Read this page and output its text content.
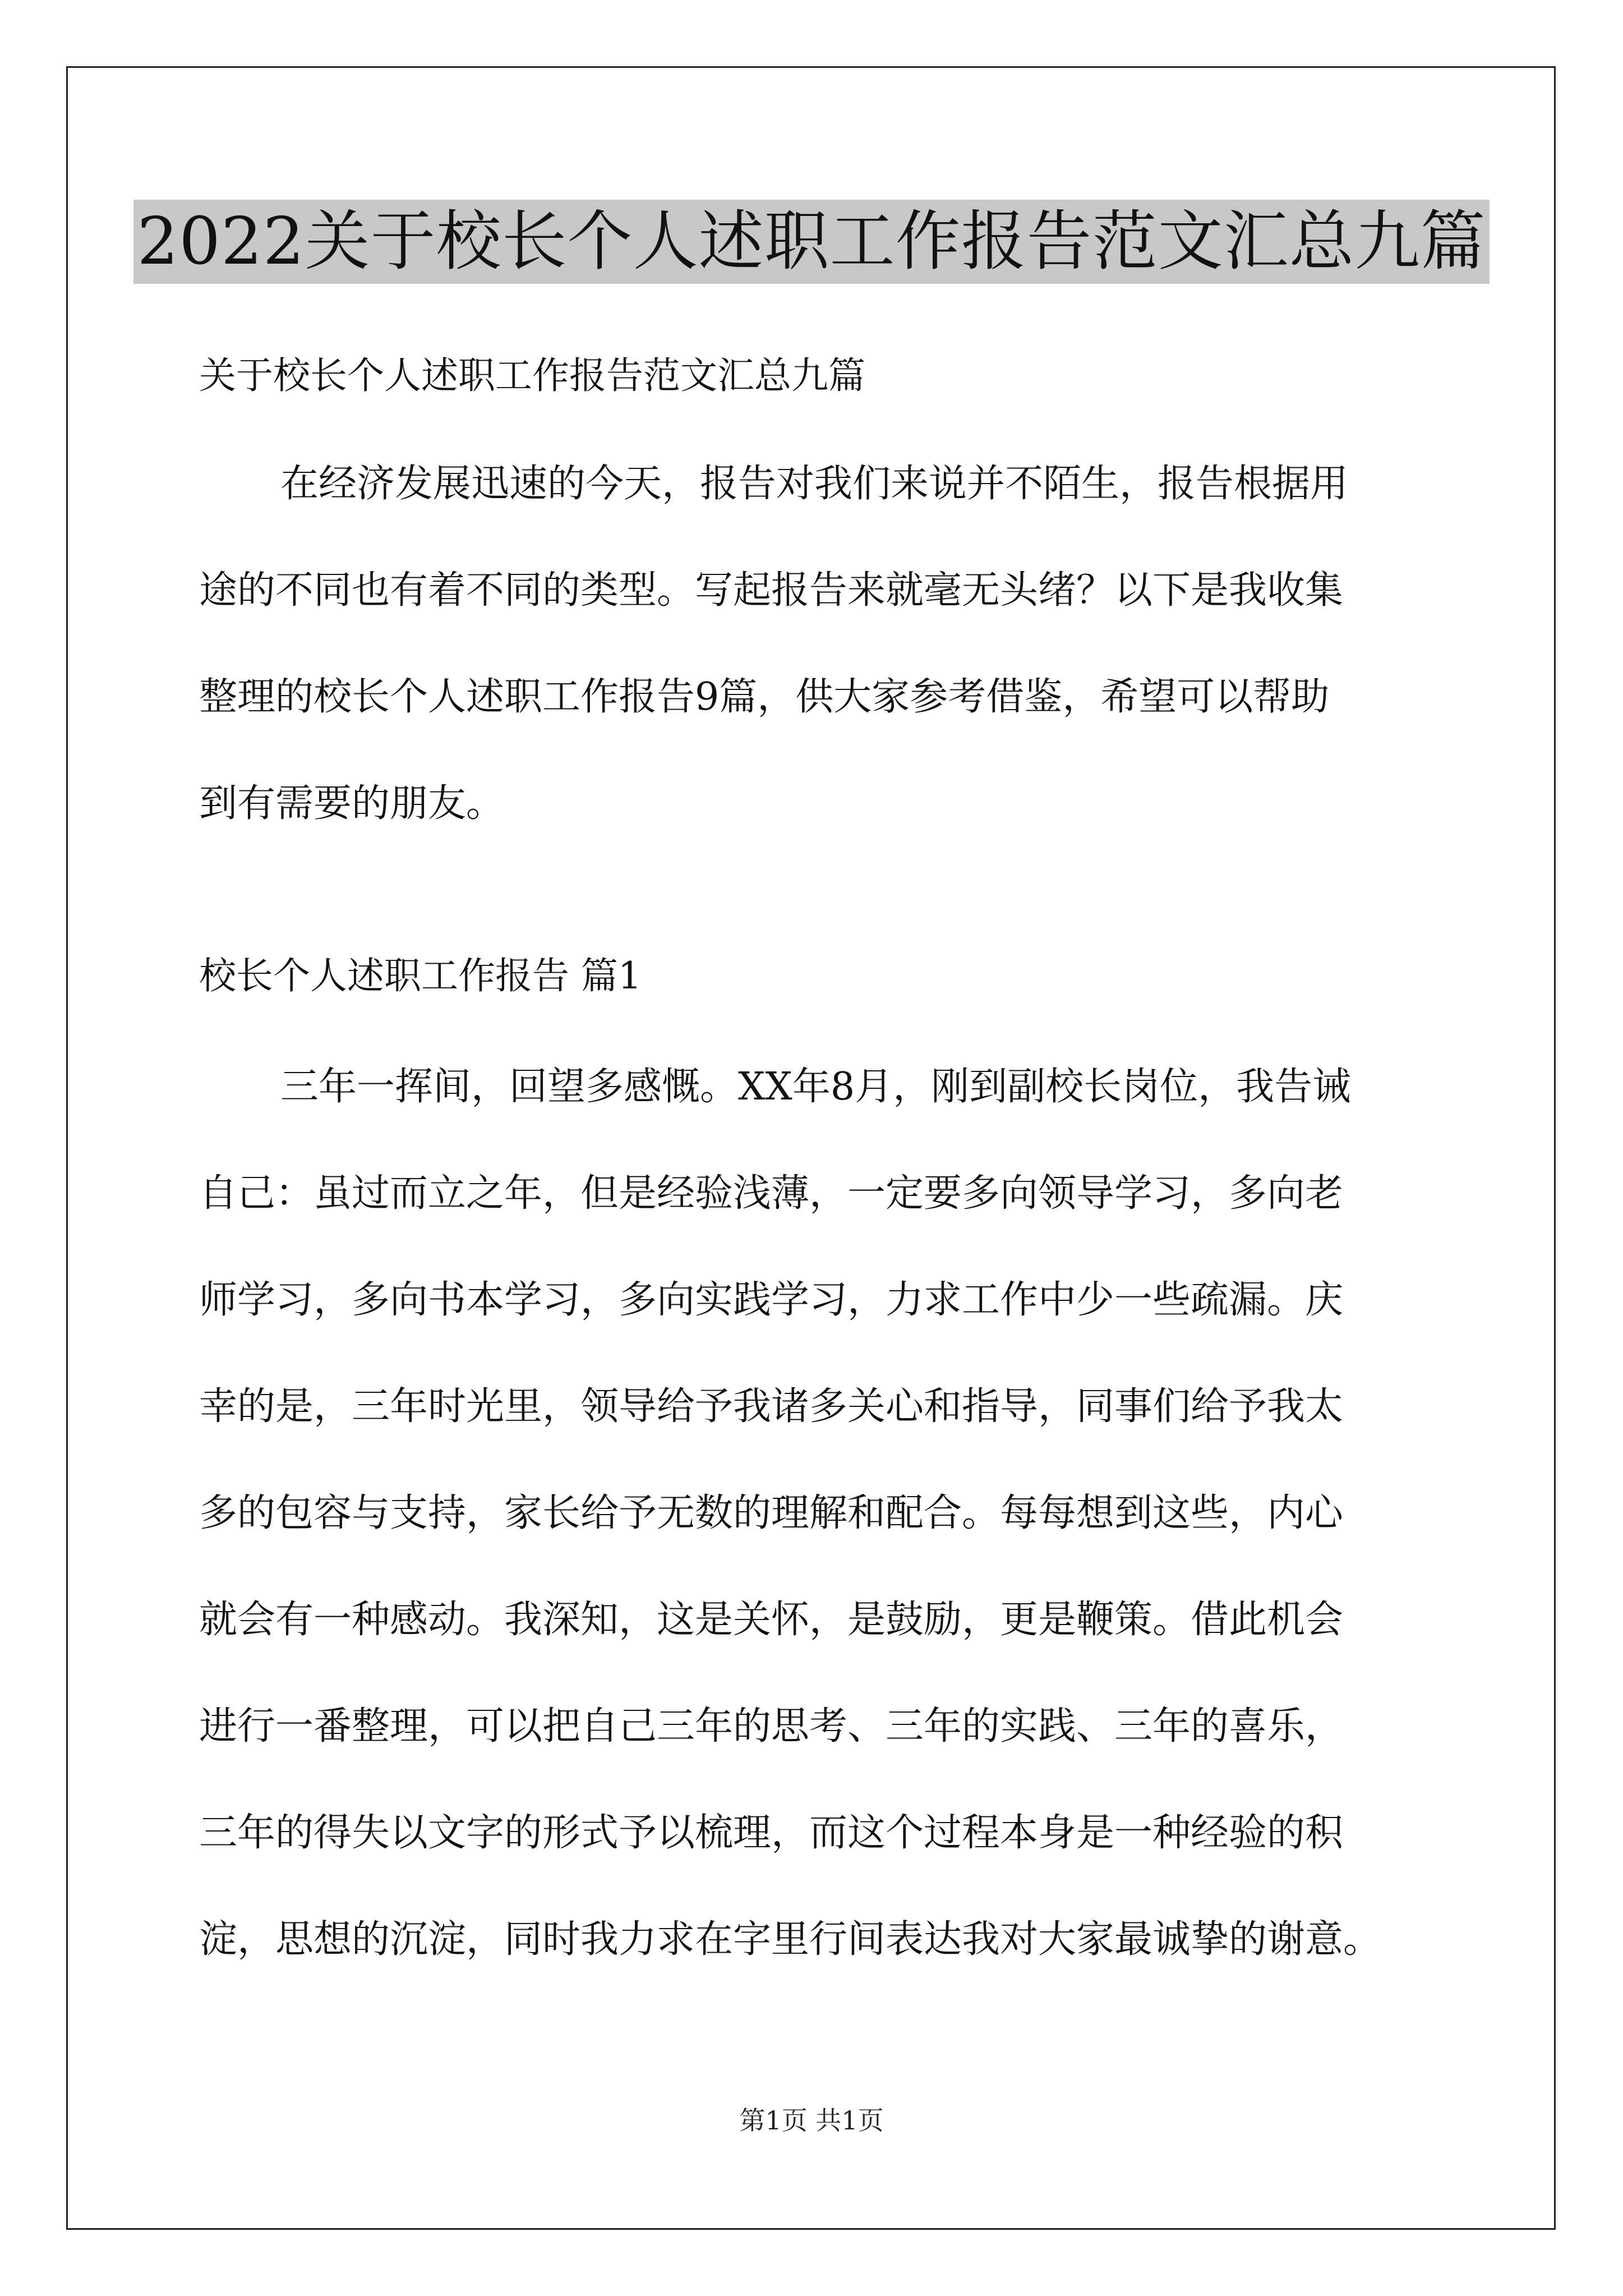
2022关于校长个人述职工作报告范文汇总九篇
关于校长个人述职工作报告范文汇总九篇
在经济发展迅速的今天，报告对我们来说并不陌生，报告根据用
途的不同也有着不同的类型。写起报告来就毫无头绪？以下是我收集
整理的校长个人述职工作报告9篇，供大家参考借鉴，希望可以帮助
到有需要的朋友。
校长个人述职工作报告 篇1
三年一挥间，回望多感慨。XX年8月，刚到副校长岗位，我告诫
自己：虽过而立之年，但是经验浅薄，一定要多向领导学习，多向老
师学习，多向书本学习，多向实践学习，力求工作中少一些疏漏。庆
幸的是，三年时光里，领导给予我诸多关心和指导，同事们给予我太
多的包容与支持，家长给予无数的理解和配合。每每想到这些，内心
就会有一种感动。我深知，这是关怀，是鼓励，更是鞭策。借此机会
进行一番整理，可以把自己三年的思考、三年的实践、三年的喜乐，
三年的得失以文字的形式予以梳理，而这个过程本身是一种经验的积
淀，思想的沉淀，同时我力求在字里行间表达我对大家最诚挚的谢意。
第1页 共1页
